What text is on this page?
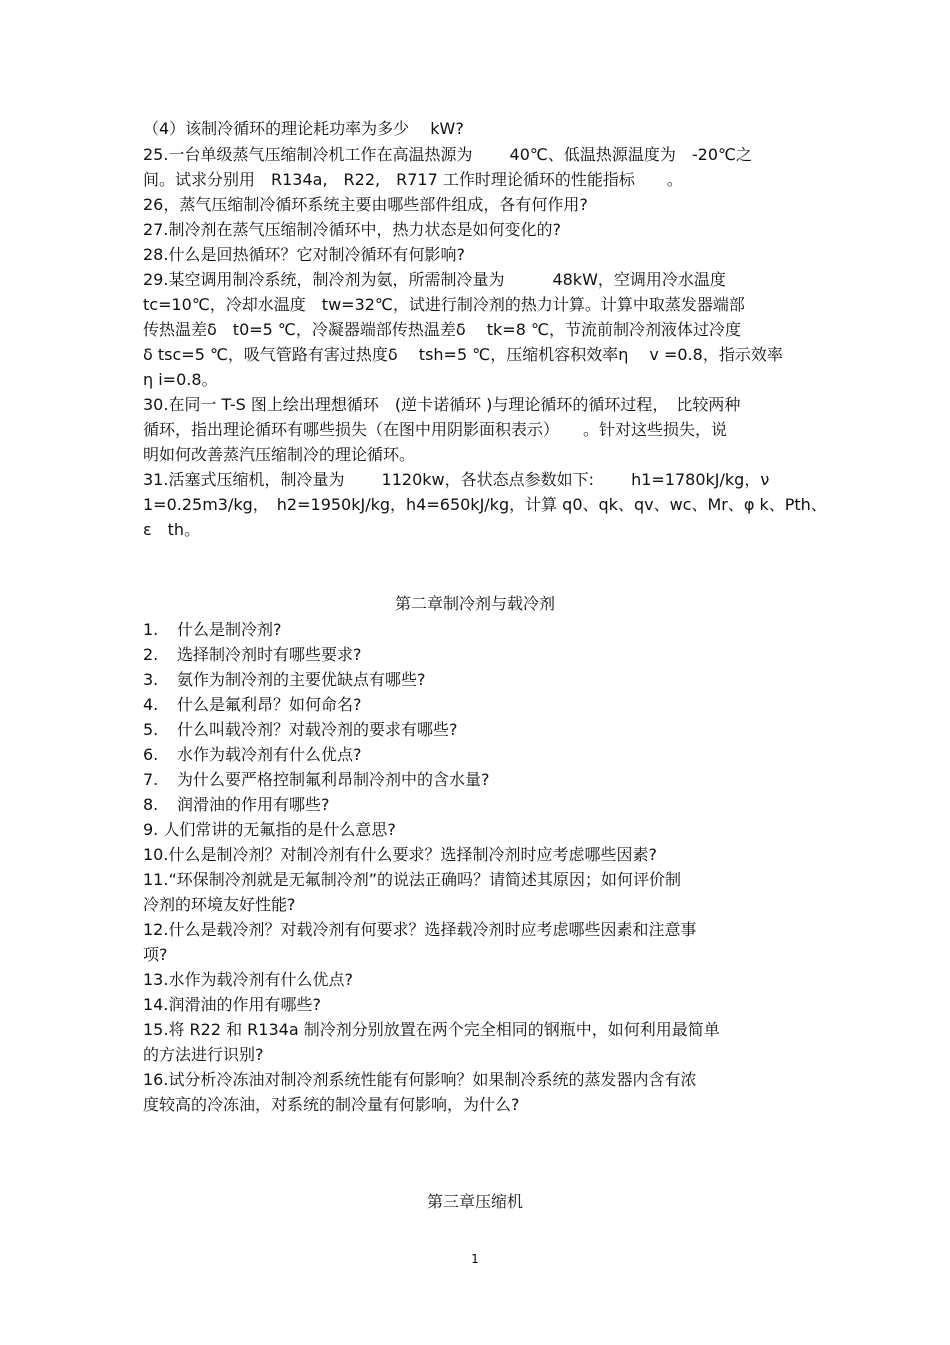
（4）该制冷循环的理论耗功率为多少　 kW?
25.一台单级蒸气压缩制冷机工作在高温热源为　　 40℃、低温热源温度为　-20℃之
间。试求分别用　R134a,　R22,　R717 工作时理论循环的性能指标　　。
26，蒸气压缩制冷循环系统主要由哪些部件组成，各有何作用?
27.制冷剂在蒸气压缩制冷循环中，热力状态是如何变化的?
28.什么是回热循环？它对制冷循环有何影响?
29.某空调用制冷系统，制冷剂为氨，所需制冷量为　　　48kW，空调用冷水温度
tc=10℃，冷却水温度　tw=32℃，试进行制冷剂的热力计算。计算中取蒸发器端部
传热温差δ　t0=5 ℃，冷凝器端部传热温差δ　 tk=8 ℃，节流前制冷剂液体过冷度
δ tsc=5 ℃，吸气管路有害过热度δ　 tsh=5 ℃，压缩机容积效率η　 v =0.8，指示效率
η i=0.8。
30.在同一 T-S 图上绘出理想循环　(逆卡诺循环 )与理论循环的循环过程，　比较两种
循环，指出理论循环有哪些损失（在图中用阴影面积表示）　　。针对这些损失，说
明如何改善蒸汽压缩制冷的理论循环。
31.活塞式压缩机，制冷量为　　 1120kw，各状态点参数如下:　　 h1=1780kJ/kg，ν
1=0.25m3/kg，　h2=1950kJ/kg，h4=650kJ/kg，计算 q0、qk、qv、wc、Mr、φ k、Pth、
ε　th。
第二章制冷剂与载冷剂
1. 什么是制冷剂?
2. 选择制冷剂时有哪些要求?
3. 氨作为制冷剂的主要优缺点有哪些?
4. 什么是氟利昂？如何命名?
5. 什么叫载冷剂？对载冷剂的要求有哪些?
6. 水作为载冷剂有什么优点?
7. 为什么要严格控制氟利昂制冷剂中的含水量?
8. 润滑油的作用有哪些?
9. 人们常讲的无氟指的是什么意思?
10.什么是制冷剂？对制冷剂有什么要求？选择制冷剂时应考虑哪些因素?
11.“环保制冷剂就是无氟制冷剂”的说法正确吗？请简述其原因；如何评价制
冷剂的环境友好性能?
12.什么是载冷剂？对载冷剂有何要求？选择载冷剂时应考虑哪些因素和注意事
项?
13.水作为载冷剂有什么优点?
14.润滑油的作用有哪些?
15.将 R22 和 R134a 制冷剂分别放置在两个完全相同的钢瓶中，如何利用最简单
的方法进行识别?
16.试分析冷冻油对制冷剂系统性能有何影响？如果制冷系统的蒸发器内含有浓
度较高的冷冻油，对系统的制冷量有何影响，为什么?
第三章压缩机
1
